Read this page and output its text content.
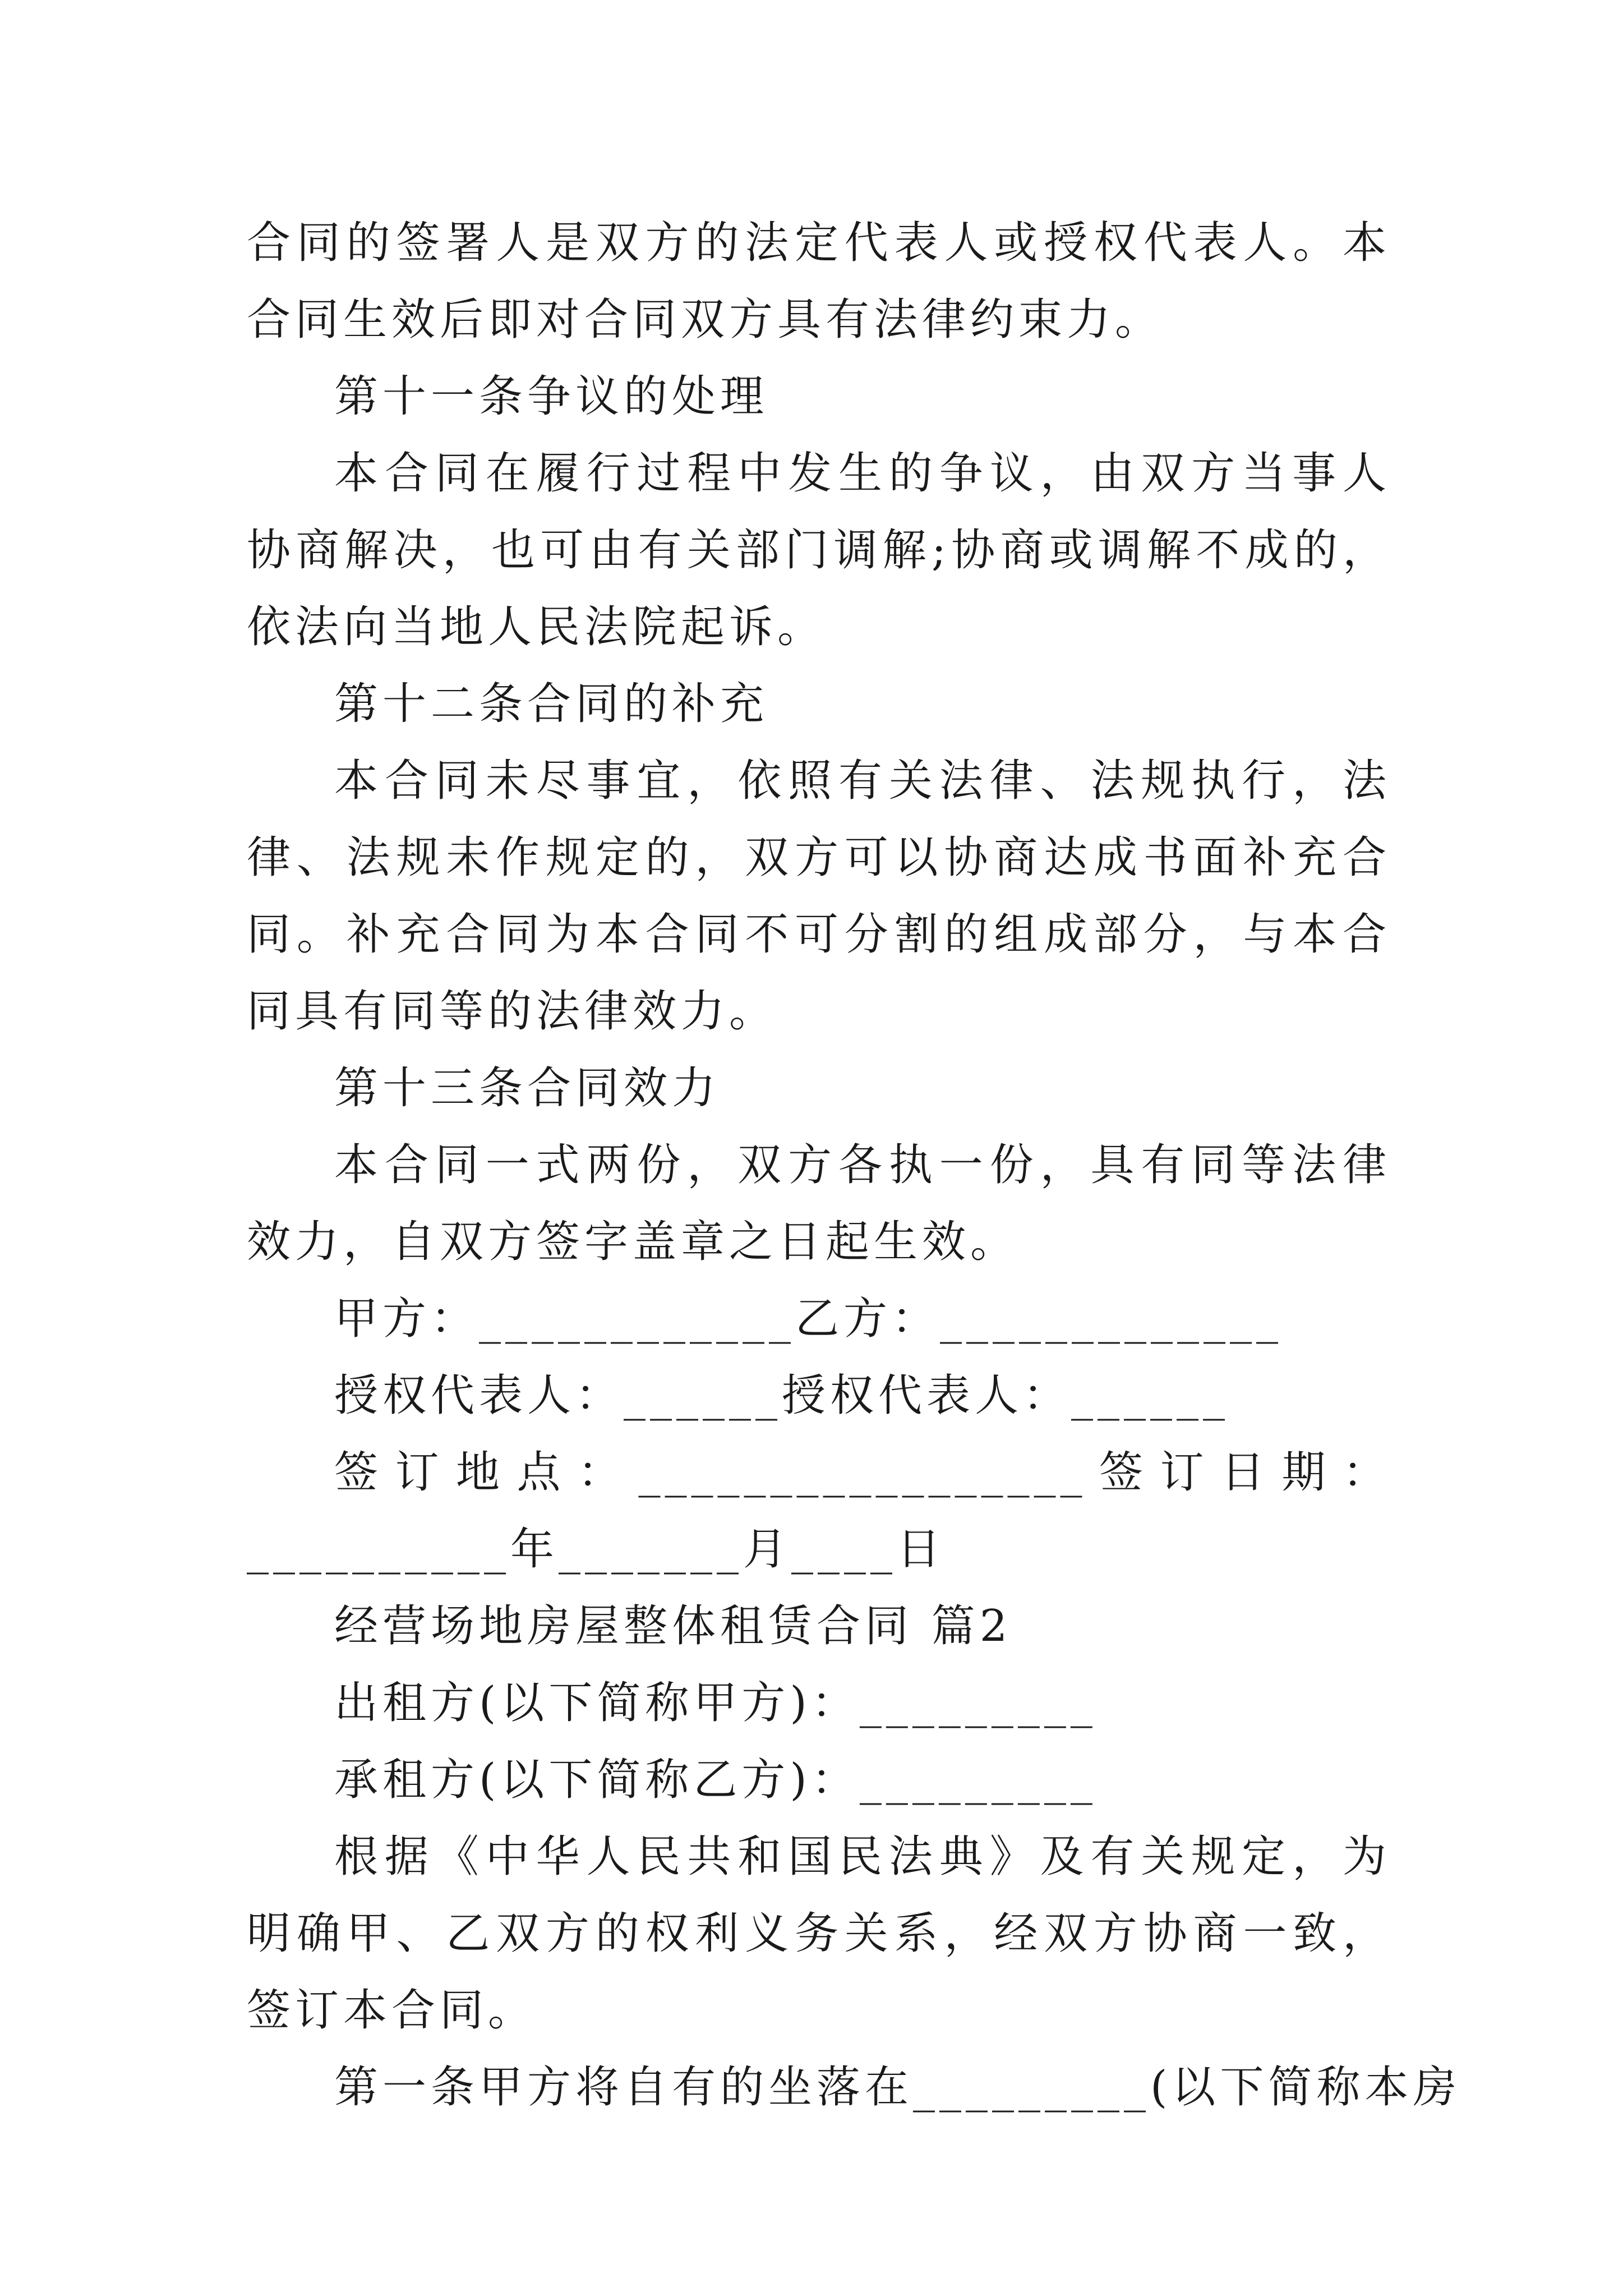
合同的签署人是双方的法定代表人或授权代表人。本合同生效后即对合同双方具有法律约束力。

第十一条争议的处理

本合同在履行过程中发生的争议，由双方当事人协商解决，也可由有关部门调解;协商或调解不成的，依法向当地人民法院起诉。

第十二条合同的补充

本合同未尽事宜，依照有关法律、法规执行，法律、法规未作规定的，双方可以协商达成书面补充合同。补充合同为本合同不可分割的组成部分，与本合同具有同等的法律效力。

第十三条合同效力

本合同一式两份，双方各执一份，具有同等法律效力，自双方签字盖章之日起生效。

甲方：____________乙方：_____________

授权代表人：______授权代表人：______

签订地点：_________________签订日期：__________年_______月____日

经营场地房屋整体租赁合同 篇2

出租方(以下简称甲方)：_________

承租方(以下简称乙方)：_________

根据《中华人民共和国民法典》及有关规定，为明确甲、乙双方的权利义务关系，经双方协商一致，签订本合同。

第一条甲方将自有的坐落在_________(以下简称本房
